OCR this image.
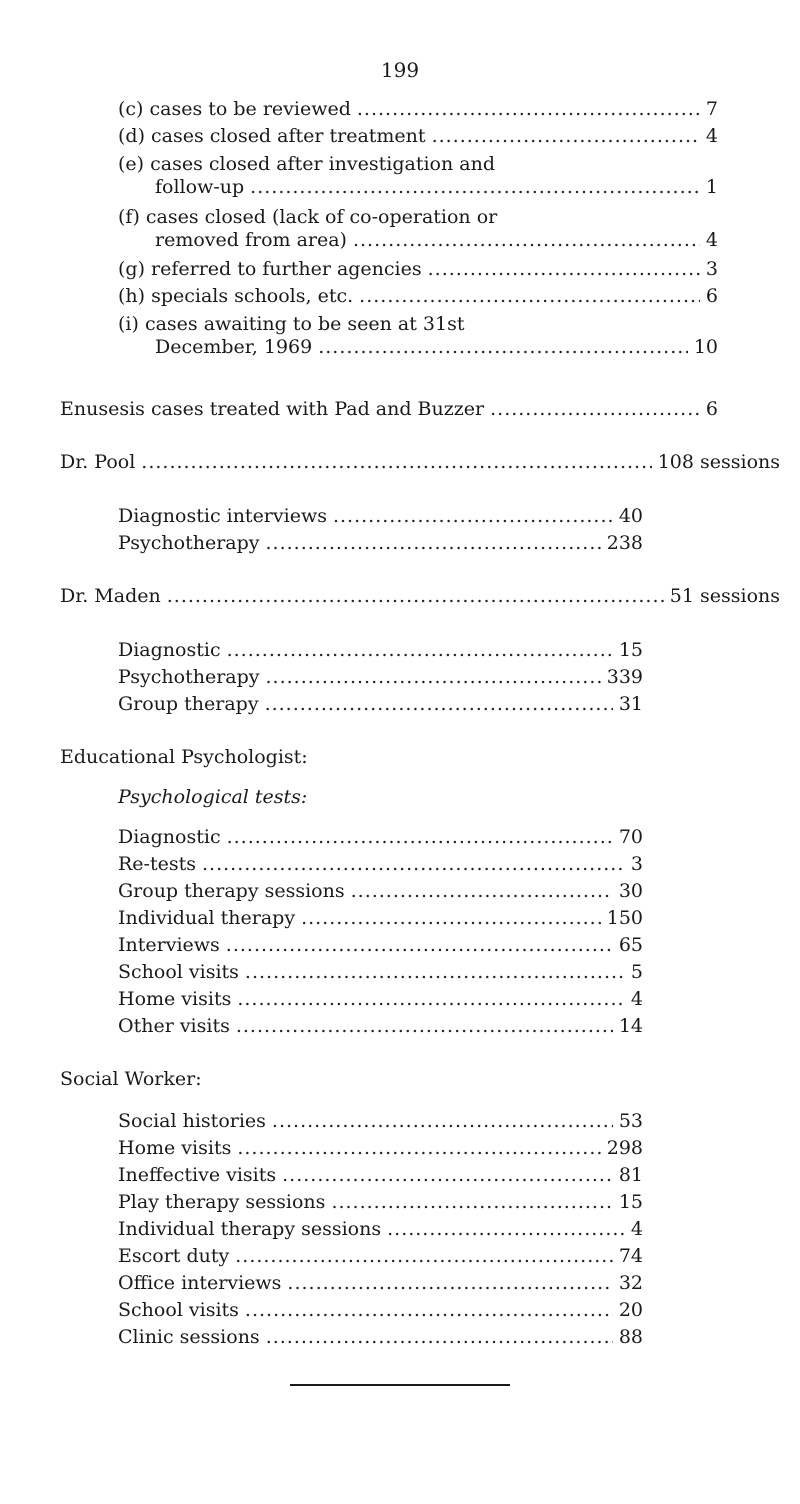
199
(c) cases to be reviewed .....	7
(d) cases closed after treatment .....	4
(e) cases closed after investigation and
follow-up .....	1
(f) cases closed (lack of co-operation or
removed from area) .....	4
(g) referred to further agencies .....	3
(h) specials schools, etc. .....	6
(i) cases awaiting to be seen at 31st
December, 1969 .....	10
Enusesis cases treated with Pad and Buzzer .....	6
Dr. Pool .....	108 sessions
Diagnostic interviews .....	40
Psychotherapy .....	238
Dr. Maden .....	51 sessions
Diagnostic .....	15
Psychotherapy .....	339
Group therapy .....	31
Educational Psychologist:
Psychological tests:
Diagnostic .....	70
Re-tests .....	3
Group therapy sessions .....	30
Individual therapy .....	150
Interviews .....	65
School visits .....	5
Home visits .....	4
Other visits .....	14
Social Worker:
Social histories .....	53
Home visits .....	298
Ineffective visits .....	81
Play therapy sessions .....	15
Individual therapy sessions .....	4
Escort duty .....	74
Office interviews .....	32
School visits .....	20
Clinic sessions .....	88
